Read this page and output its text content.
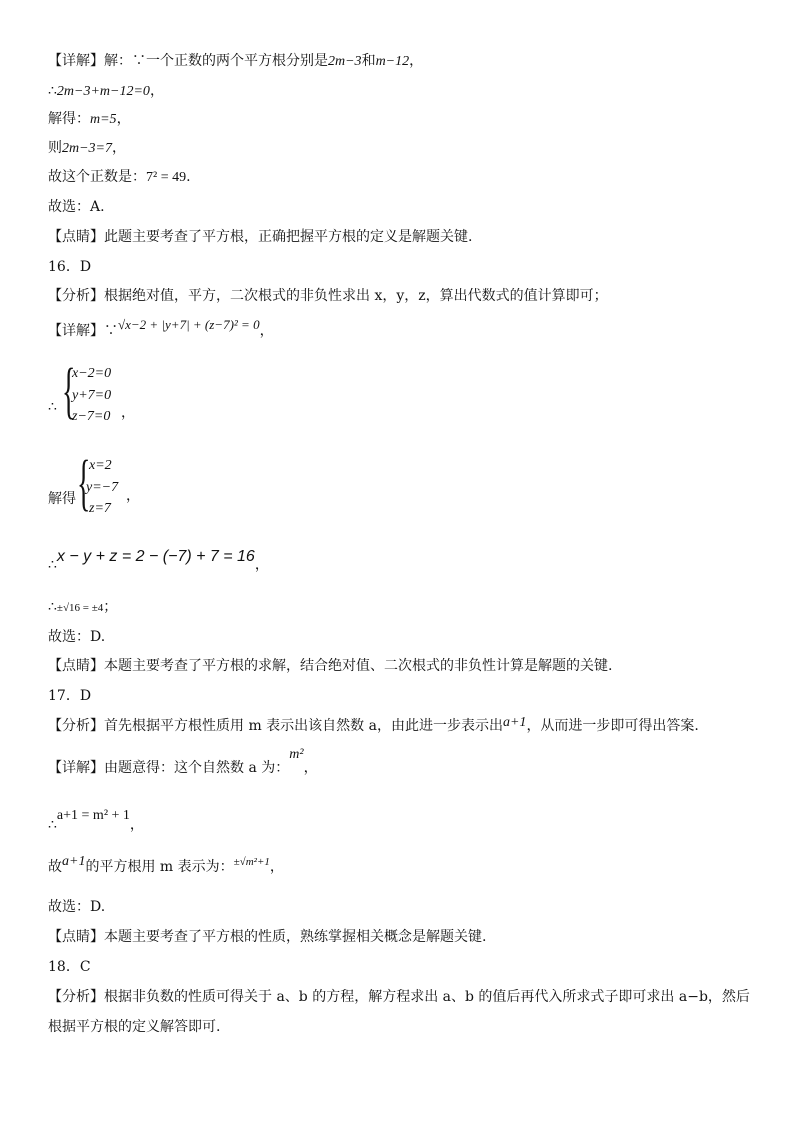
【详解】解：∵一个正数的两个平方根分别是2m−3和m−12，
∴2m−3+m−12=0，
解得：m=5，
则2m−3=7，
故这个正数是：7² = 49.
故选：A.
【点睛】此题主要考查了平方根，正确把握平方根的定义是解题关键.
16．D
【分析】根据绝对值，平方，二次根式的非负性求出 x，y，z，算出代数式的值计算即可；
【详解】∵√x−2 + |y+7| + (z−7)² = 0，
∴ {
x−2=0
y+7=0
z−7=0 ，
解得 {
x=2
y=−7
z=7
，
∴x − y + z = 2 − (−7) + 7 = 16，
∴±√16 = ±4；
故选：D.
【点睛】本题主要考查了平方根的求解，结合绝对值、二次根式的非负性计算是解题的关键.
17．D
【分析】首先根据平方根性质用 m 表示出该自然数 a，由此进一步表示出a+1，从而进一步即可得出答案.
【详解】由题意得：这个自然数 a 为：m²，
∴a+1 = m² + 1，
故a+1的平方根用 m 表示为：$^{\pm√m^2+1}$，
故选：D.
【点睛】本题主要考查了平方根的性质，熟练掌握相关概念是解题关键.
18．C
【分析】根据非负数的性质可得关于 a、b 的方程，解方程求出 a、b 的值后再代入所求式子即可求出 a−b，然后
根据平方根的定义解答即可.
